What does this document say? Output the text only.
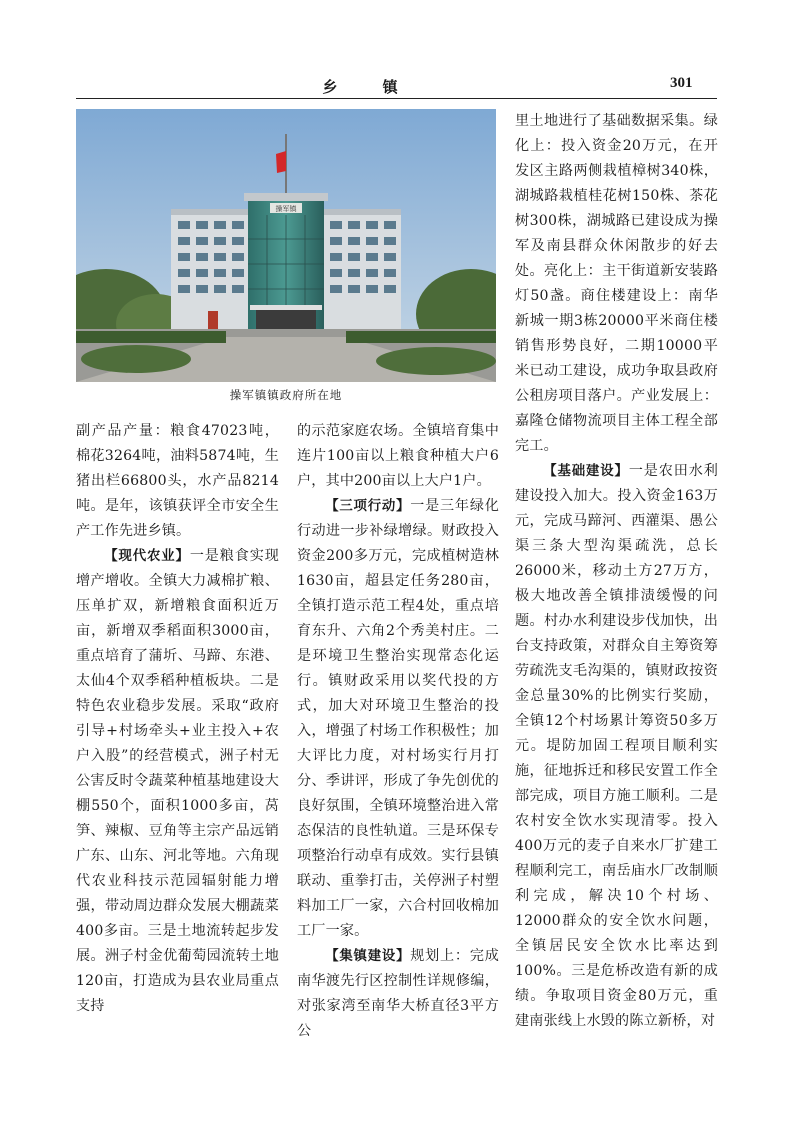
乡 镇	301
操军镇
操军镇镇政府所在地

副产品产量：粮食47023吨，棉花3264吨，油料5874吨，生猪出栏66800头，水产品8214吨。是年，该镇获评全市安全生产工作先进乡镇。

【现代农业】一是粮食实现增产增收。全镇大力减棉扩粮、压单扩双，新增粮食面积近万亩，新增双季稻面积3000亩，重点培育了蒲圻、马蹄、东港、太仙4个双季稻种植板块。二是特色农业稳步发展。采取“政府引导+村场牵头+业主投入+农户入股”的经营模式，洲子村无公害反时令蔬菜种植基地建设大棚550个，面积1000多亩，莴笋、辣椒、豆角等主宗产品远销广东、山东、河北等地。六角现代农业科技示范园辐射能力增强，带动周边群众发展大棚蔬菜400多亩。三是土地流转起步发展。洲子村金优葡萄园流转土地120亩，打造成为县农业局重点支持

的示范家庭农场。全镇培育集中连片100亩以上粮食种植大户6户，其中200亩以上大户1户。

【三项行动】一是三年绿化行动进一步补绿增绿。财政投入资金200多万元，完成植树造林1630亩，超县定任务280亩，全镇打造示范工程4处，重点培育东升、六角2个秀美村庄。二是环境卫生整治实现常态化运行。镇财政采用以奖代投的方式，加大对环境卫生整治的投入，增强了村场工作积极性；加大评比力度，对村场实行月打分、季讲评，形成了争先创优的良好氛围，全镇环境整治进入常态保洁的良性轨道。三是环保专项整治行动卓有成效。实行县镇联动、重拳打击，关停洲子村塑料加工厂一家，六合村回收棉加工厂一家。

【集镇建设】规划上：完成南华渡先行区控制性详规修编，对张家湾至南华大桥直径3平方公

里土地进行了基础数据采集。绿化上：投入资金20万元，在开发区主路两侧栽植樟树340株，湖城路栽植桂花树150株、茶花树300株，湖城路已建设成为操军及南县群众休闲散步的好去处。亮化上：主干街道新安装路灯50盏。商住楼建设上：南华新城一期3栋20000平米商住楼销售形势良好，二期10000平米已动工建设，成功争取县政府公租房项目落户。产业发展上：嘉隆仓储物流项目主体工程全部完工。

【基础建设】一是农田水利建设投入加大。投入资金163万元，完成马蹄河、西灌渠、愚公渠三条大型沟渠疏洗，总长26000米，移动土方27万方，极大地改善全镇排渍缓慢的问题。村办水利建设步伐加快，出台支持政策，对群众自主筹资筹劳疏洗支毛沟渠的，镇财政按资金总量30%的比例实行奖励，全镇12个村场累计筹资50多万元。堤防加固工程项目顺利实施，征地拆迁和移民安置工作全部完成，项目方施工顺利。二是农村安全饮水实现清零。投入400万元的麦子自来水厂扩建工程顺利完工，南岳庙水厂改制顺利完成，解决10个村场、12000群众的安全饮水问题，全镇居民安全饮水比率达到100%。三是危桥改造有新的成绩。争取项目资金80万元，重建南张线上水毁的陈立新桥，对
